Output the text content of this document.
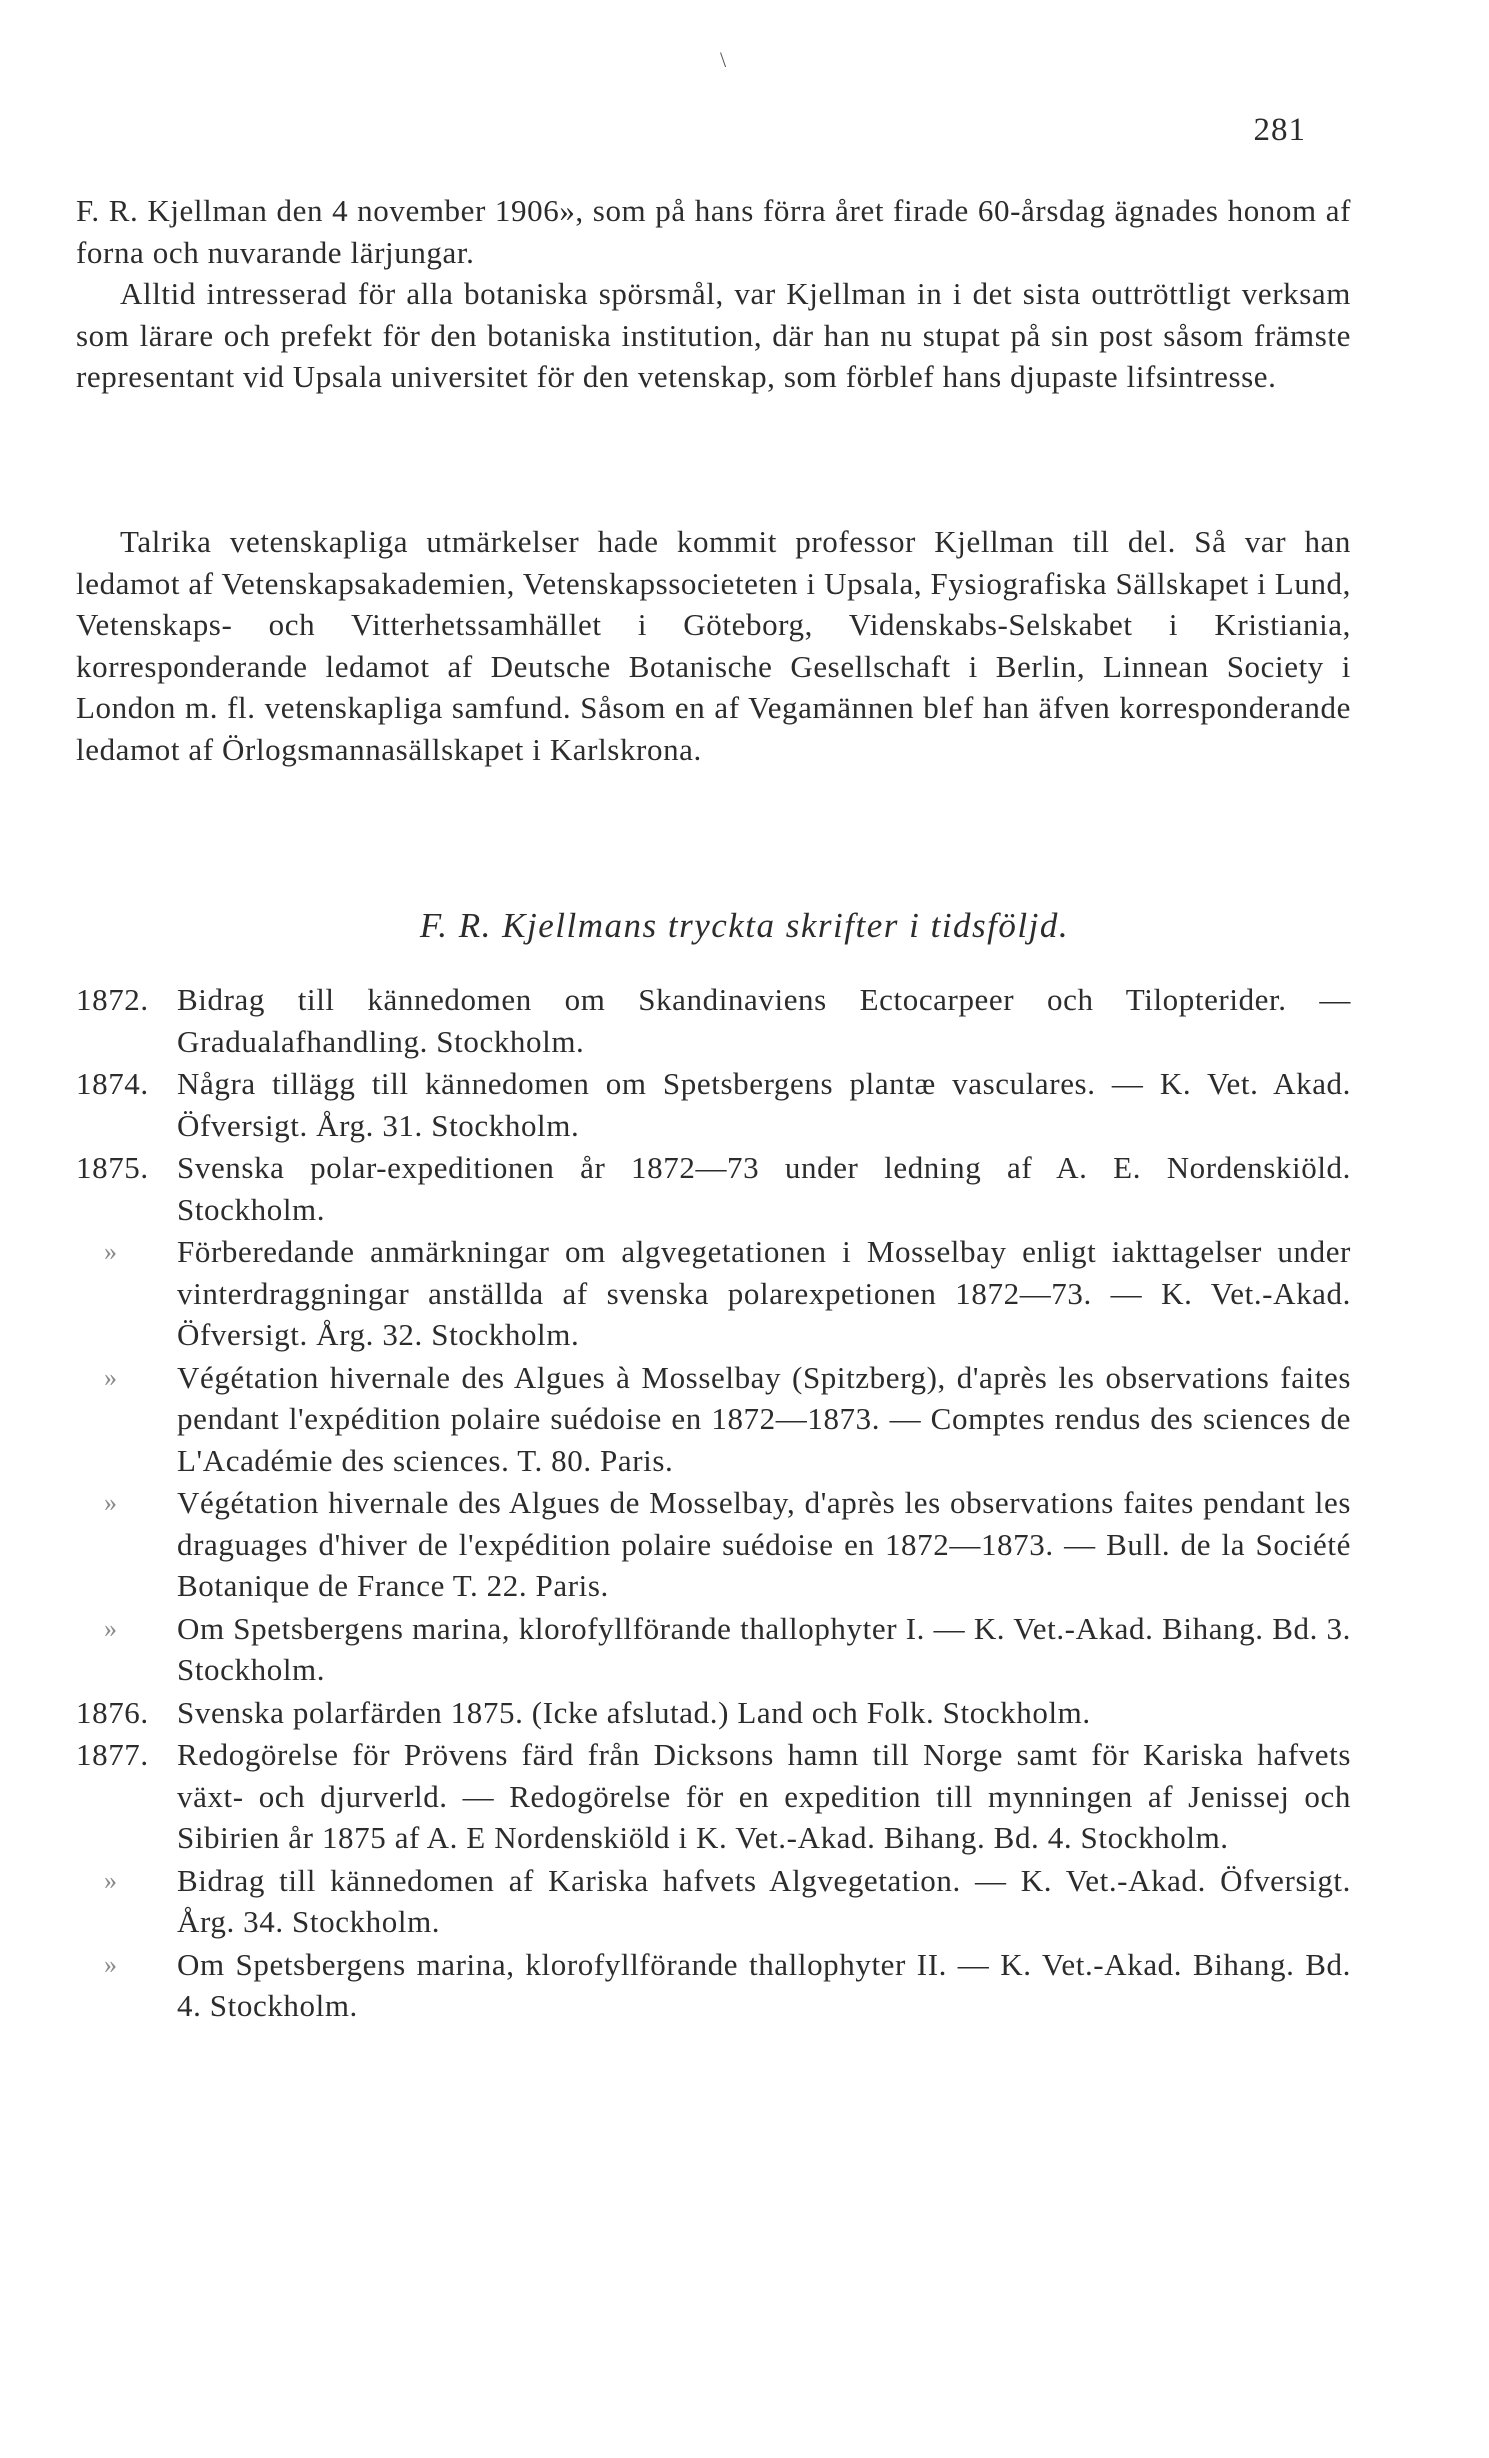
\
281

F. R. Kjellman den 4 november 1906», som på hans förra året firade 60-årsdag ägnades honom af forna och nuvarande lärjungar.

Alltid intresserad för alla botaniska spörsmål, var Kjellman in i det sista outtröttligt verksam som lärare och prefekt för den botaniska institution, där han nu stupat på sin post såsom främste representant vid Upsala universitet för den vetenskap, som förblef hans djupaste lifsintresse.

Talrika vetenskapliga utmärkelser hade kommit professor Kjellman till del. Så var han ledamot af Vetenskapsakademien, Vetenskapssocieteten i Upsala, Fysiografiska Sällskapet i Lund, Vetenskaps- och Vitterhetssamhället i Göteborg, Videnskabs-Selskabet i Kristiania, korresponderande ledamot af Deutsche Botanische Gesellschaft i Berlin, Linnean Society i London m. fl. vetenskapliga samfund. Såsom en af Vegamännen blef han äfven korresponderande ledamot af Örlogsmannasällskapet i Karlskrona.

F. R. Kjellmans tryckta skrifter i tidsföljd.
1872. Bidrag till kännedomen om Skandinaviens Ectocarpeer och Tilopterider. — Gradualafhandling. Stockholm.
1874. Några tillägg till kännedomen om Spetsbergens plantæ vasculares. — K. Vet. Akad. Öfversigt. Årg. 31. Stockholm.
1875. Svenska polar-expeditionen år 1872—73 under ledning af A. E. Nordenskiöld. Stockholm.
» Förberedande anmärkningar om algvegetationen i Mosselbay enligt iakttagelser under vinterdraggningar anställda af svenska polarexpetionen 1872—73. — K. Vet.-Akad. Öfversigt. Årg. 32. Stockholm.
» Végétation hivernale des Algues à Mosselbay (Spitzberg), d'après les observations faites pendant l'expédition polaire suédoise en 1872—1873. — Comptes rendus des sciences de L'Académie des sciences. T. 80. Paris.
» Végétation hivernale des Algues de Mosselbay, d'après les observations faites pendant les draguages d'hiver de l'expédition polaire suédoise en 1872—1873. — Bull. de la Société Botanique de France T. 22. Paris.
» Om Spetsbergens marina, klorofyllförande thallophyter I. — K. Vet.-Akad. Bihang. Bd. 3. Stockholm.
1876. Svenska polarfärden 1875. (Icke afslutad.) Land och Folk. Stockholm.
1877. Redogörelse för Prövens färd från Dicksons hamn till Norge samt för Kariska hafvets växt- och djurverld. — Redogörelse för en expedition till mynningen af Jenissej och Sibirien år 1875 af A. E Nordenskiöld i K. Vet.-Akad. Bihang. Bd. 4. Stockholm.
» Bidrag till kännedomen af Kariska hafvets Algvegetation. — K. Vet.-Akad. Öfversigt. Årg. 34. Stockholm.
» Om Spetsbergens marina, klorofyllförande thallophyter II. — K. Vet.-Akad. Bihang. Bd. 4. Stockholm.
